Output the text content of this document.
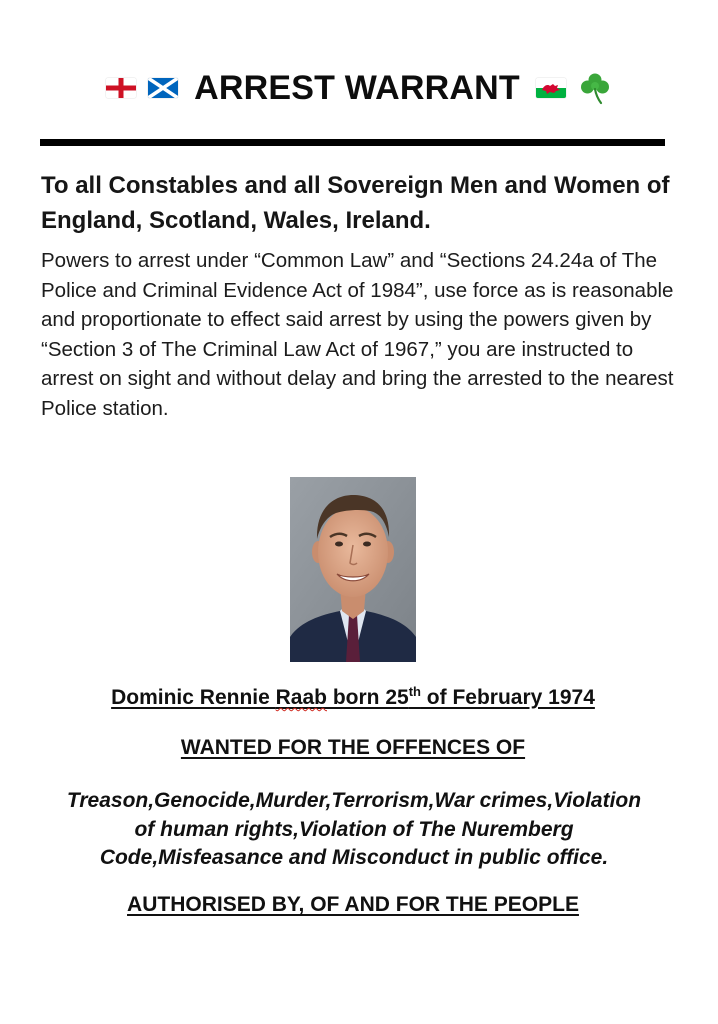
ARREST WARRANT

To all Constables and all Sovereign Men and Women of England, Scotland, Wales, Ireland.

Powers to arrest under “Common Law” and “Sections 24.24a of The Police and Criminal Evidence Act of 1984”, use force as is reasonable and proportionate to effect said arrest by using the powers given by “Section 3 of The Criminal Law Act of 1967,” you are instructed to arrest on sight and without delay and bring the arrested to the nearest Police station.

Dominic Rennie Raab born 25th of February 1974

WANTED FOR THE OFFENCES OF

Treason,Genocide,Murder,Terrorism,War crimes,Violation
of human rights,Violation of The Nuremberg
Code,Misfeasance and Misconduct in public office.

AUTHORISED BY, OF AND FOR THE PEOPLE
